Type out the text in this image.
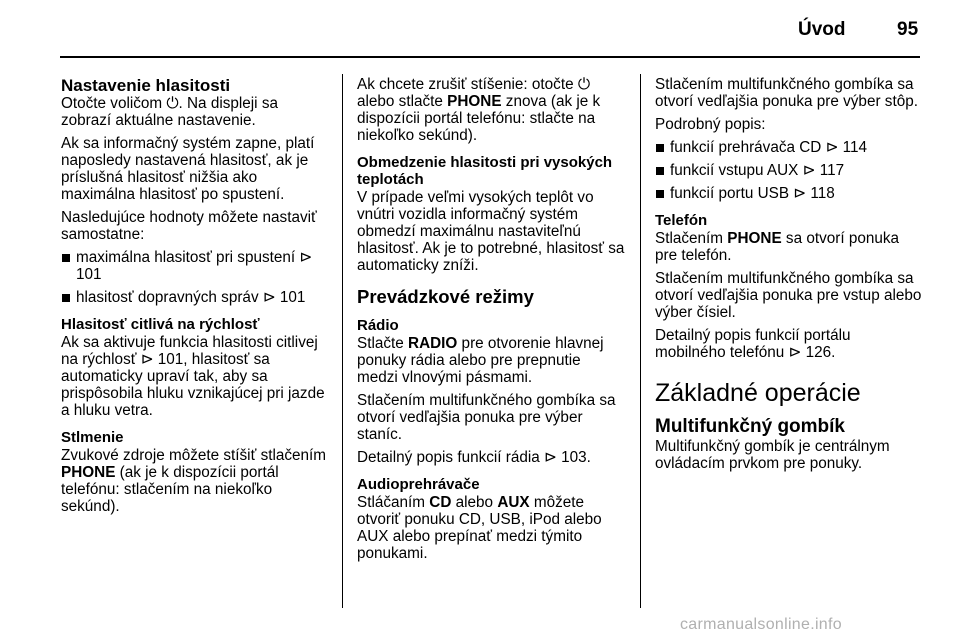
Úvod	95
Nastavenie hlasitosti

Otočte voličom ⏻. Na displeji sa zobrazí aktuálne nastavenie.

Ak sa informačný systém zapne, platí naposledy nastavená hlasitosť, ak je príslušná hlasitosť nižšia ako maximálna hlasitosť po spustení.

Nasledujúce hodnoty môžete nastaviť samostatne:

maximálna hlasitosť pri spustení ⊳ 101
hlasitosť dopravných správ ⊳ 101
Hlasitosť citlivá na rýchlosť

Ak sa aktivuje funkcia hlasitosti citlivej na rýchlosť ⊳ 101, hlasitosť sa automaticky upraví tak, aby sa prispôsobila hluku vznikajúcej pri jazde a hluku vetra.

Stlmenie

Zvukové zdroje môžete stíšiť stlačením PHONE (ak je k dispozícii portál telefónu: stlačením na niekoľko sekúnd).

Ak chcete zrušiť stíšenie: otočte ⏻ alebo stlačte PHONE znova (ak je k dispozícii portál telefónu: stlačte na niekoľko sekúnd).

Obmedzenie hlasitosti pri vysokých teplotách

V prípade veľmi vysokých teplôt vo vnútri vozidla informačný systém obmedzí maximálnu nastaviteľnú hlasitosť. Ak je to potrebné, hlasitosť sa automaticky zníži.

Prevádzkové režimy
Rádio

Stlačte RADIO pre otvorenie hlavnej ponuky rádia alebo pre prepnutie medzi vlnovými pásmami.

Stlačením multifunkčného gombíka sa otvorí vedľajšia ponuka pre výber staníc.

Detailný popis funkcií rádia ⊳ 103.

Audioprehrávače

Stláčaním CD alebo AUX môžete otvoriť ponuku CD, USB, iPod alebo AUX alebo prepínať medzi týmito ponukami.

Stlačením multifunkčného gombíka sa otvorí vedľajšia ponuka pre výber stôp.

Podrobný popis:

funkcií prehrávača CD ⊳ 114
funkcií vstupu AUX ⊳ 117
funkcií portu USB ⊳ 118
Telefón

Stlačením PHONE sa otvorí ponuka pre telefón.

Stlačením multifunkčného gombíka sa otvorí vedľajšia ponuka pre vstup alebo výber čísiel.

Detailný popis funkcií portálu mobilného telefónu ⊳ 126.

Základné operácie
Multifunkčný gombík

Multifunkčný gombík je centrálnym ovládacím prvkom pre ponuky.

carmanualsonline.info
